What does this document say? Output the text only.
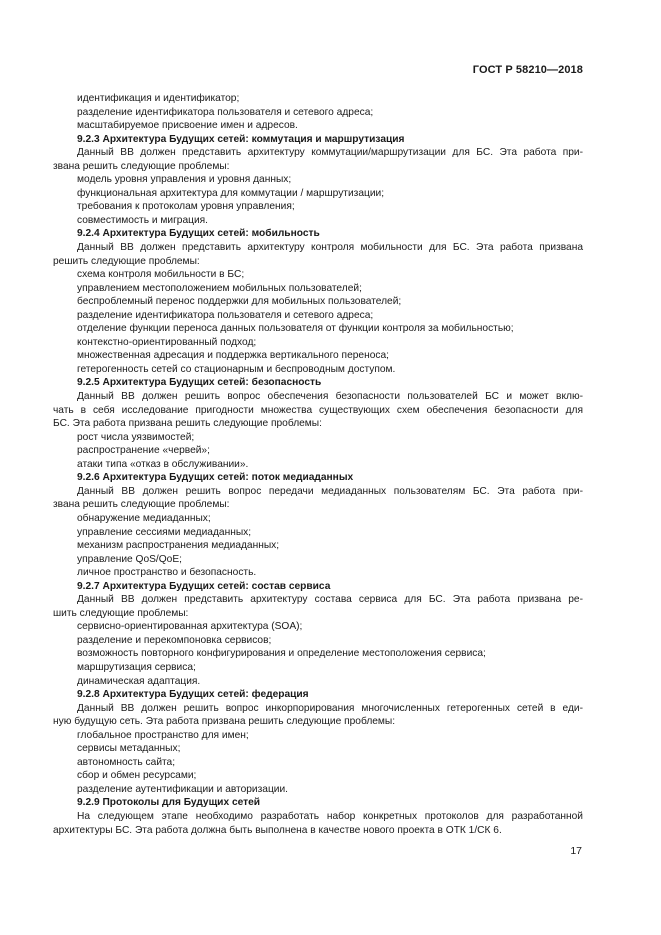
ГОСТ Р 58210—2018
идентификация и идентификатор;
разделение идентификатора пользователя и сетевого адреса;
масштабируемое присвоение имен и адресов.
9.2.3 Архитектура Будущих сетей: коммутация и маршрутизация
Данный ВВ должен представить архитектуру коммутации/маршрутизации для БС. Эта работа при-
звана решить следующие проблемы:
модель уровня управления и уровня данных;
функциональная архитектура для коммутации / маршрутизации;
требования к протоколам уровня управления;
совместимость и миграция.
9.2.4 Архитектура Будущих сетей: мобильность
Данный ВВ должен представить архитектуру контроля мобильности для БС. Эта работа призвана
решить следующие проблемы:
схема контроля мобильности в БС;
управлением местоположением мобильных пользователей;
беспроблемный перенос поддержки для мобильных пользователей;
разделение идентификатора пользователя и сетевого адреса;
отделение функции переноса данных пользователя от функции контроля за мобильностью;
контекстно-ориентированный подход;
множественная адресация и поддержка вертикального переноса;
гетерогенность сетей со стационарным и беспроводным доступом.
9.2.5 Архитектура Будущих сетей: безопасность
Данный ВВ должен решить вопрос обеспечения безопасности пользователей БС и может вклю-
чать в себя исследование пригодности множества существующих схем обеспечения безопасности для
БС. Эта работа призвана решить следующие проблемы:
рост числа уязвимостей;
распространение «червей»;
атаки типа «отказ в обслуживании».
9.2.6 Архитектура Будущих сетей: поток медиаданных
Данный ВВ должен решить вопрос передачи медиаданных пользователям БС. Эта работа при-
звана решить следующие проблемы:
обнаружение медиаданных;
управление сессиями медиаданных;
механизм распространения медиаданных;
управление QoS/QoE;
личное пространство и безопасность.
9.2.7 Архитектура Будущих сетей: состав сервиса
Данный ВВ должен представить архитектуру состава сервиса для БС. Эта работа призвана ре-
шить следующие проблемы:
сервисно-ориентированная архитектура (SOA);
разделение и перекомпоновка сервисов;
возможность повторного конфигурирования и определение местоположения сервиса;
маршрутизация сервиса;
динамическая адаптация.
9.2.8 Архитектура Будущих сетей: федерация
Данный ВВ должен решить вопрос инкорпорирования многочисленных гетерогенных сетей в еди-
ную будущую сеть. Эта работа призвана решить следующие проблемы:
глобальное пространство для имен;
сервисы метаданных;
автономность сайта;
сбор и обмен ресурсами;
разделение аутентификации и авторизации.
9.2.9 Протоколы для Будущих сетей
На следующем этапе необходимо разработать набор конкретных протоколов для разработанной
архитектуры БС. Эта работа должна быть выполнена в качестве нового проекта в ОТК 1/СК 6.
17
